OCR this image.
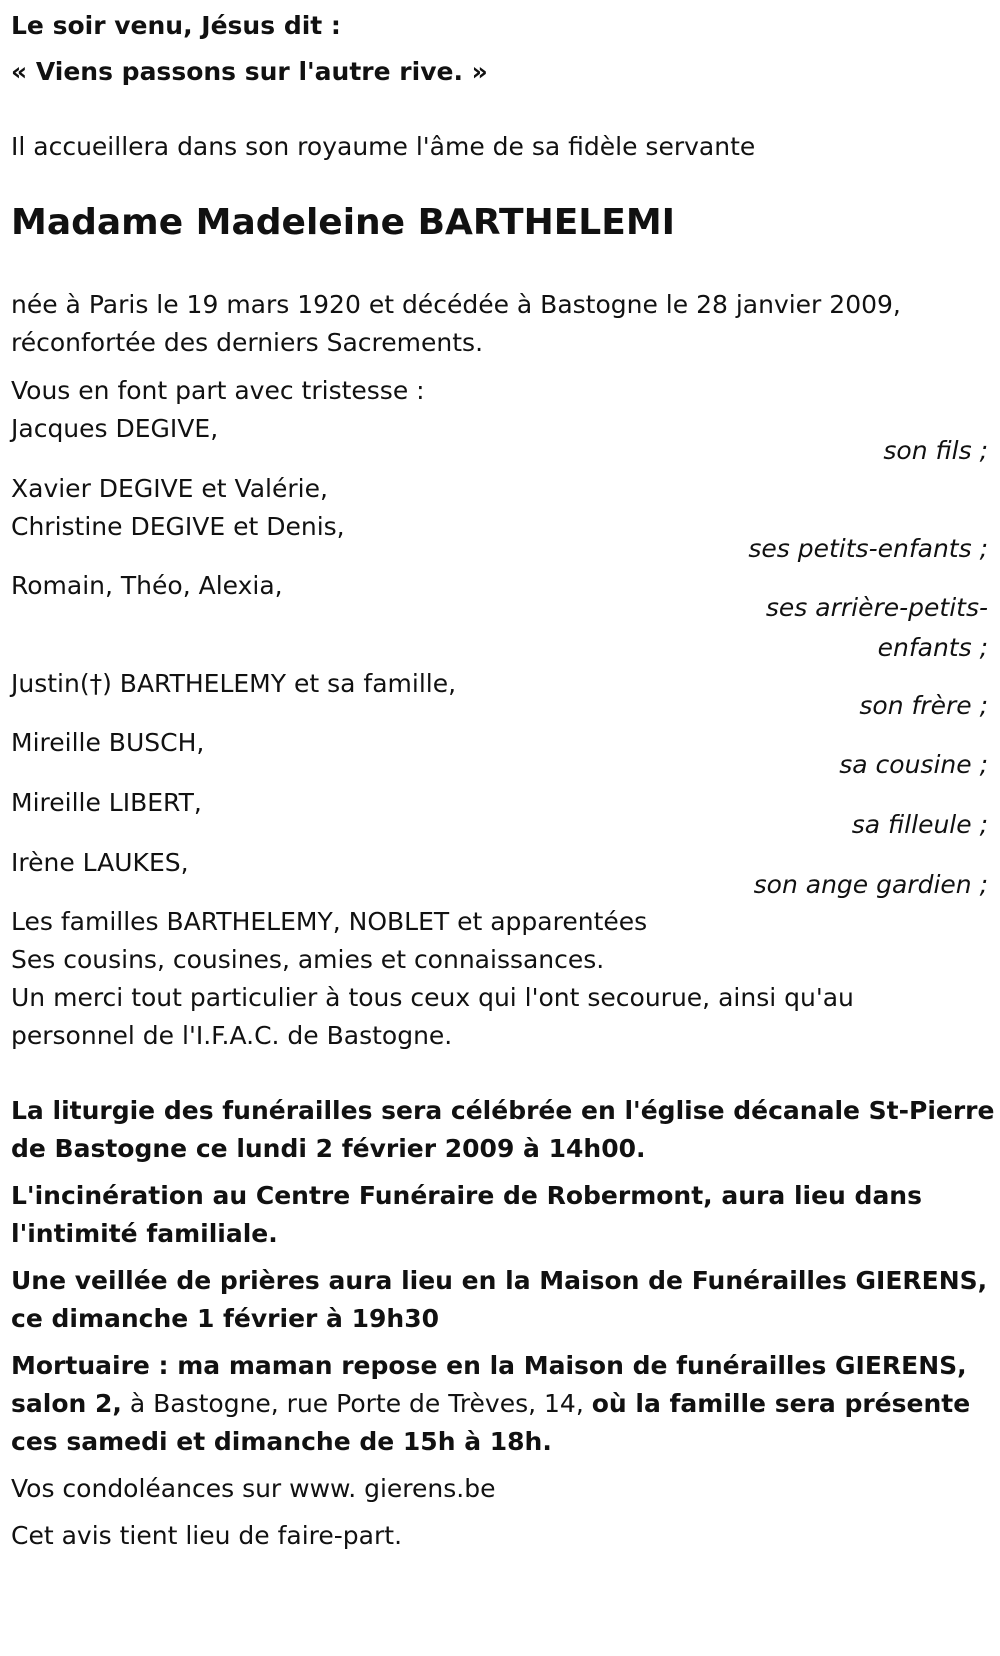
Le soir venu, Jésus dit :
« Viens passons sur l'autre rive. »
Il accueillera dans son royaume l'âme de sa fidèle servante
Madame Madeleine BARTHELEMI
née à Paris le 19 mars 1920 et décédée à Bastogne le 28 janvier 2009,
réconfortée des derniers Sacrements.
Vous en font part avec tristesse :
Jacques DEGIVE,
son fils ;
Xavier DEGIVE et Valérie,
Christine DEGIVE et Denis,
ses petits-enfants ;
Romain, Théo, Alexia,
ses arrière-petits-enfants ;
Justin(†) BARTHELEMY et sa famille,
son frère ;
Mireille BUSCH,
sa cousine ;
Mireille LIBERT,
sa filleule ;
Irène LAUKES,
son ange gardien ;
Les familles BARTHELEMY, NOBLET et apparentées
Ses cousins, cousines, amies et connaissances.
Un merci tout particulier à tous ceux qui l'ont secourue, ainsi qu'au
personnel de l'I.F.A.C. de Bastogne.
La liturgie des funérailles sera célébrée en l'église décanale St-Pierre
de Bastogne ce lundi 2 février 2009 à 14h00.
L'incinération au Centre Funéraire de Robermont, aura lieu dans
l'intimité familiale.
Une veillée de prières aura lieu en la Maison de Funérailles GIERENS,
ce dimanche 1 février à 19h30
Mortuaire : ma maman repose en la Maison de funérailles GIERENS,
salon 2, à Bastogne, rue Porte de Trèves, 14, où la famille sera présente
ces samedi et dimanche de 15h à 18h.
Vos condoléances sur www. gierens.be
Cet avis tient lieu de faire-part.
